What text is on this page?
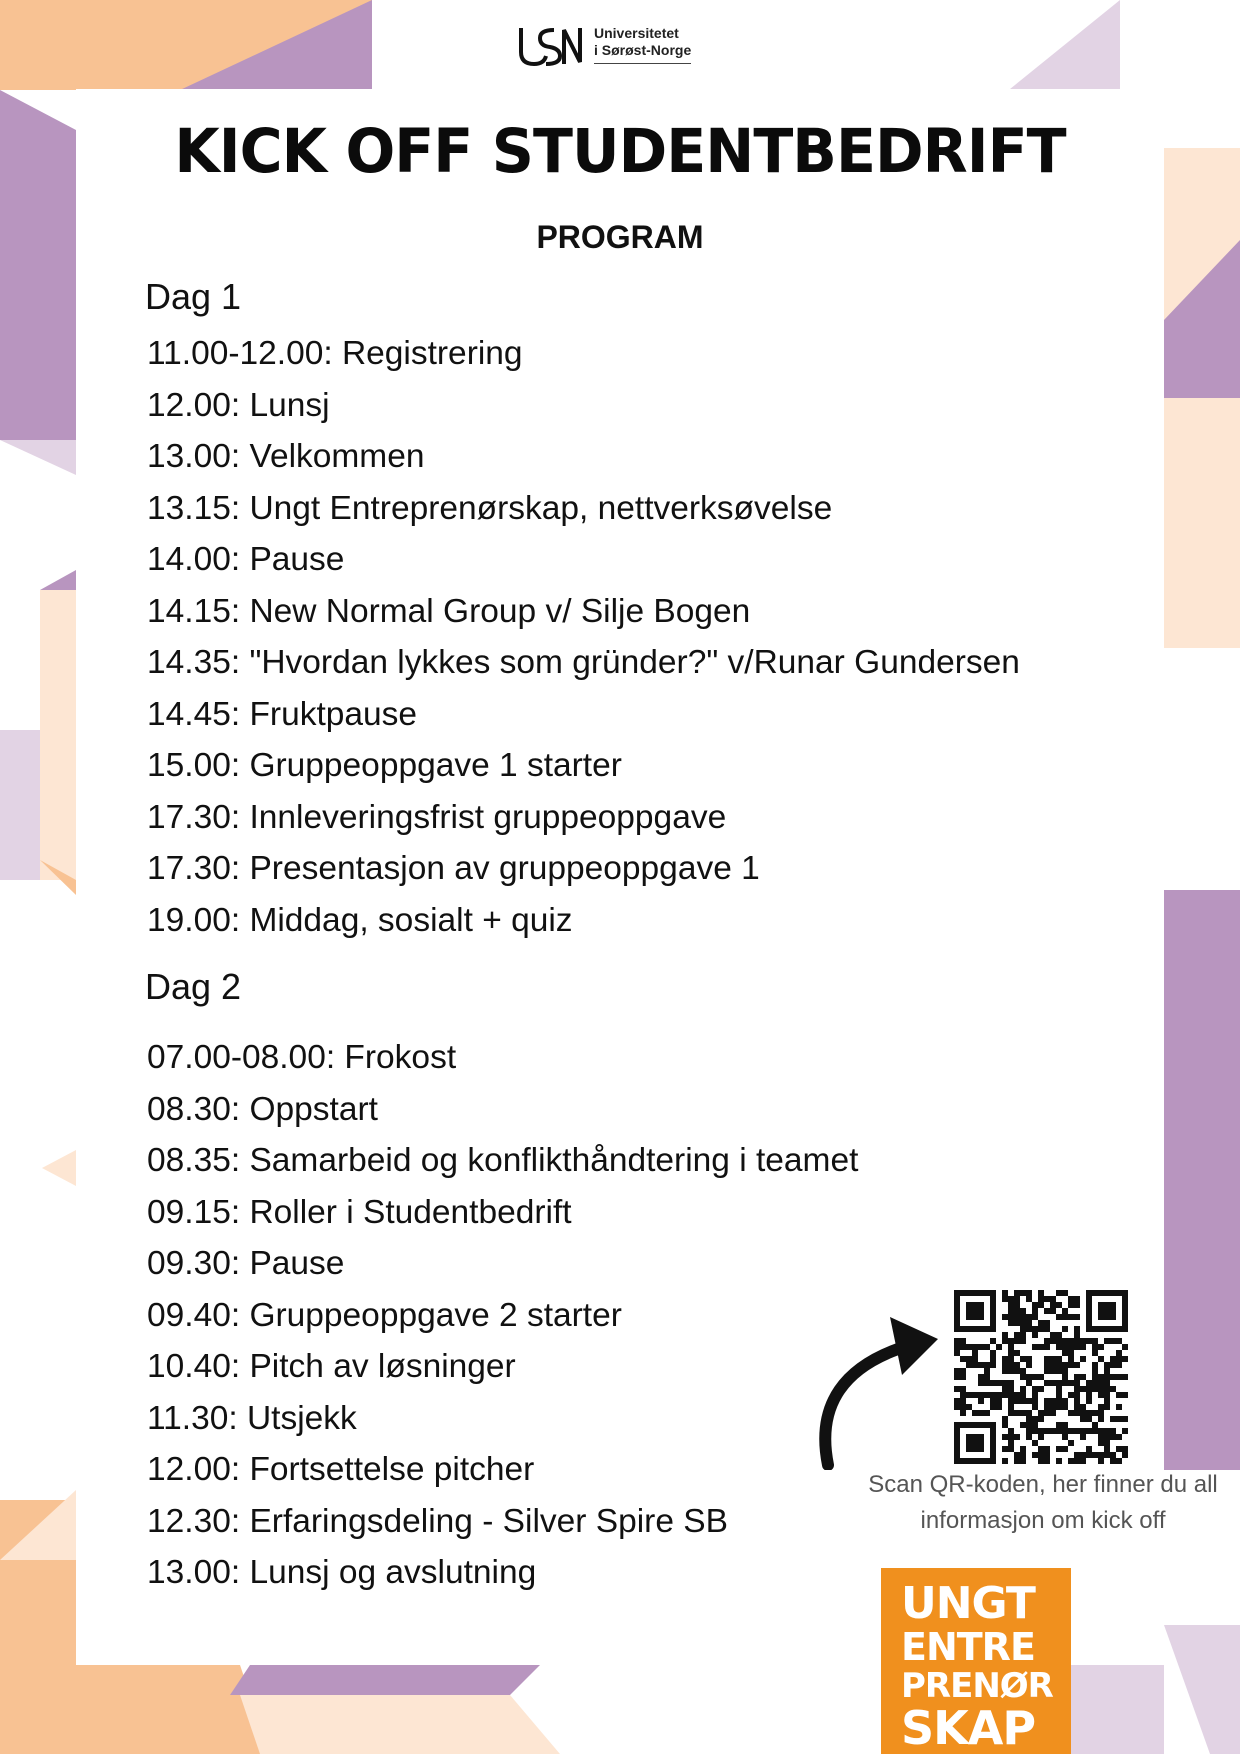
Universitetet
i Sørøst-Norge
KICK OFF STUDENTBEDRIFT
PROGRAM
Dag 1
11.00-12.00: Registrering
12.00: Lunsj
13.00: Velkommen
13.15: Ungt Entreprenørskap, nettverksøvelse
14.00: Pause
14.15: New Normal Group v/ Silje Bogen
14.35: "Hvordan lykkes som gründer?" v/Runar Gundersen
14.45: Fruktpause
15.00: Gruppeoppgave 1 starter
17.30: Innleveringsfrist gruppeoppgave
17.30: Presentasjon av gruppeoppgave 1
19.00: Middag, sosialt + quiz
Dag 2
07.00-08.00: Frokost
08.30: Oppstart
08.35: Samarbeid og konflikthåndtering i teamet
09.15: Roller i Studentbedrift
09.30: Pause
09.40: Gruppeoppgave 2 starter
10.40: Pitch av løsninger
11.30: Utsjekk
12.00: Fortsettelse pitcher
12.30: Erfaringsdeling - Silver Spire SB
13.00: Lunsj og avslutning
Scan QR-koden, her finner du all
informasjon om kick off
UNGT
ENTRE
PRENØR
SKAP
